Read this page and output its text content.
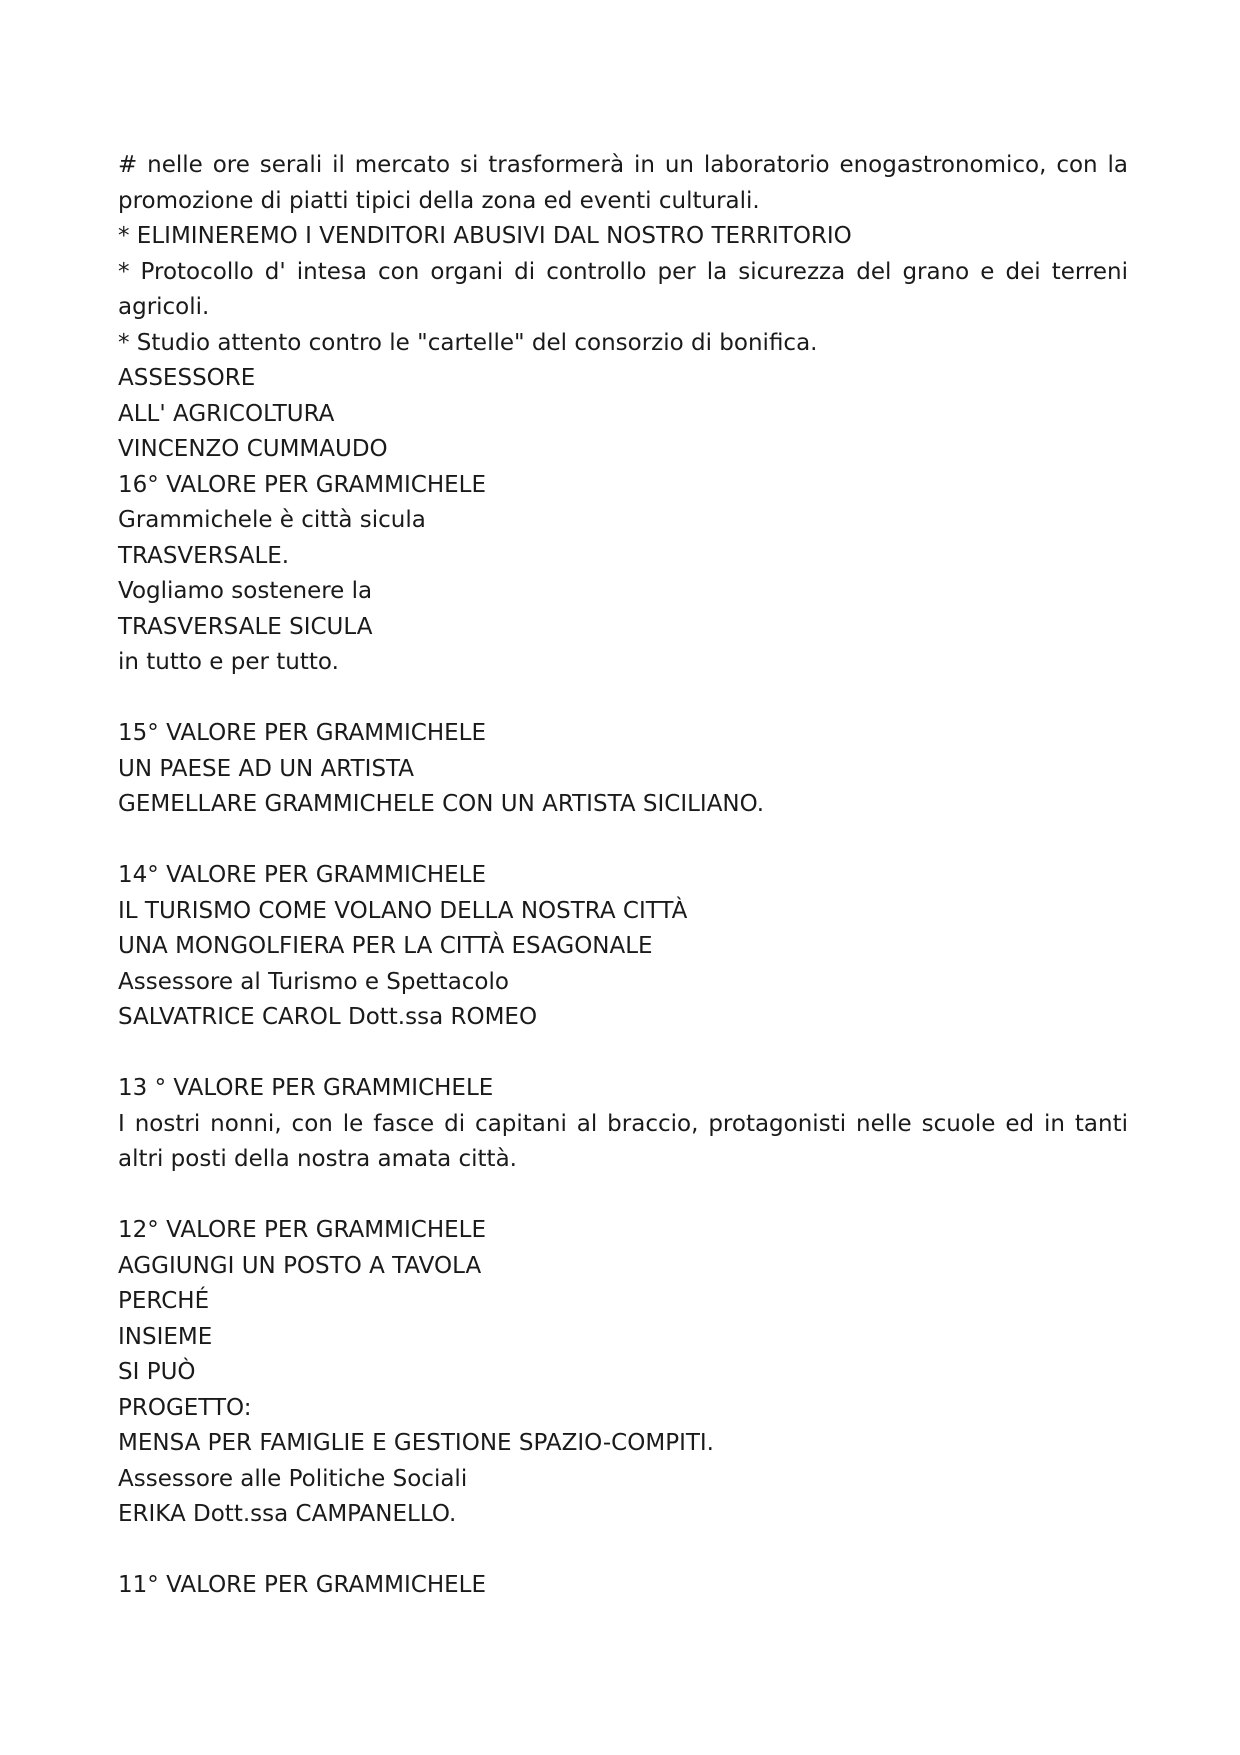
# nelle ore serali il mercato si trasformerà in un laboratorio enogastronomico, con la promozione di piatti tipici della zona ed eventi culturali.
* ELIMINEREMO I VENDITORI ABUSIVI DAL NOSTRO TERRITORIO
* Protocollo d' intesa con organi di controllo per la sicurezza del grano e dei terreni agricoli.
* Studio attento contro le "cartelle" del consorzio di bonifica.
ASSESSORE
ALL' AGRICOLTURA
VINCENZO CUMMAUDO
16° VALORE PER GRAMMICHELE
Grammichele è città sicula
TRASVERSALE.
Vogliamo sostenere la
TRASVERSALE SICULA
in tutto e per tutto.
15° VALORE PER GRAMMICHELE
UN PAESE AD UN ARTISTA
GEMELLARE GRAMMICHELE CON UN ARTISTA SICILIANO.
14° VALORE PER GRAMMICHELE
IL TURISMO COME VOLANO DELLA NOSTRA CITTÀ
UNA MONGOLFIERA PER LA CITTÀ ESAGONALE
Assessore al Turismo e Spettacolo
SALVATRICE CAROL Dott.ssa ROMEO
13 ° VALORE PER GRAMMICHELE
I nostri nonni, con le fasce di capitani al braccio, protagonisti nelle scuole ed in tanti altri posti della nostra amata città.
12° VALORE PER GRAMMICHELE
AGGIUNGI UN POSTO A TAVOLA
PERCHÉ
INSIEME
SI PUÒ
PROGETTO:
MENSA PER FAMIGLIE E GESTIONE SPAZIO-COMPITI.
Assessore alle Politiche Sociali
ERIKA Dott.ssa CAMPANELLO.
11° VALORE PER GRAMMICHELE
